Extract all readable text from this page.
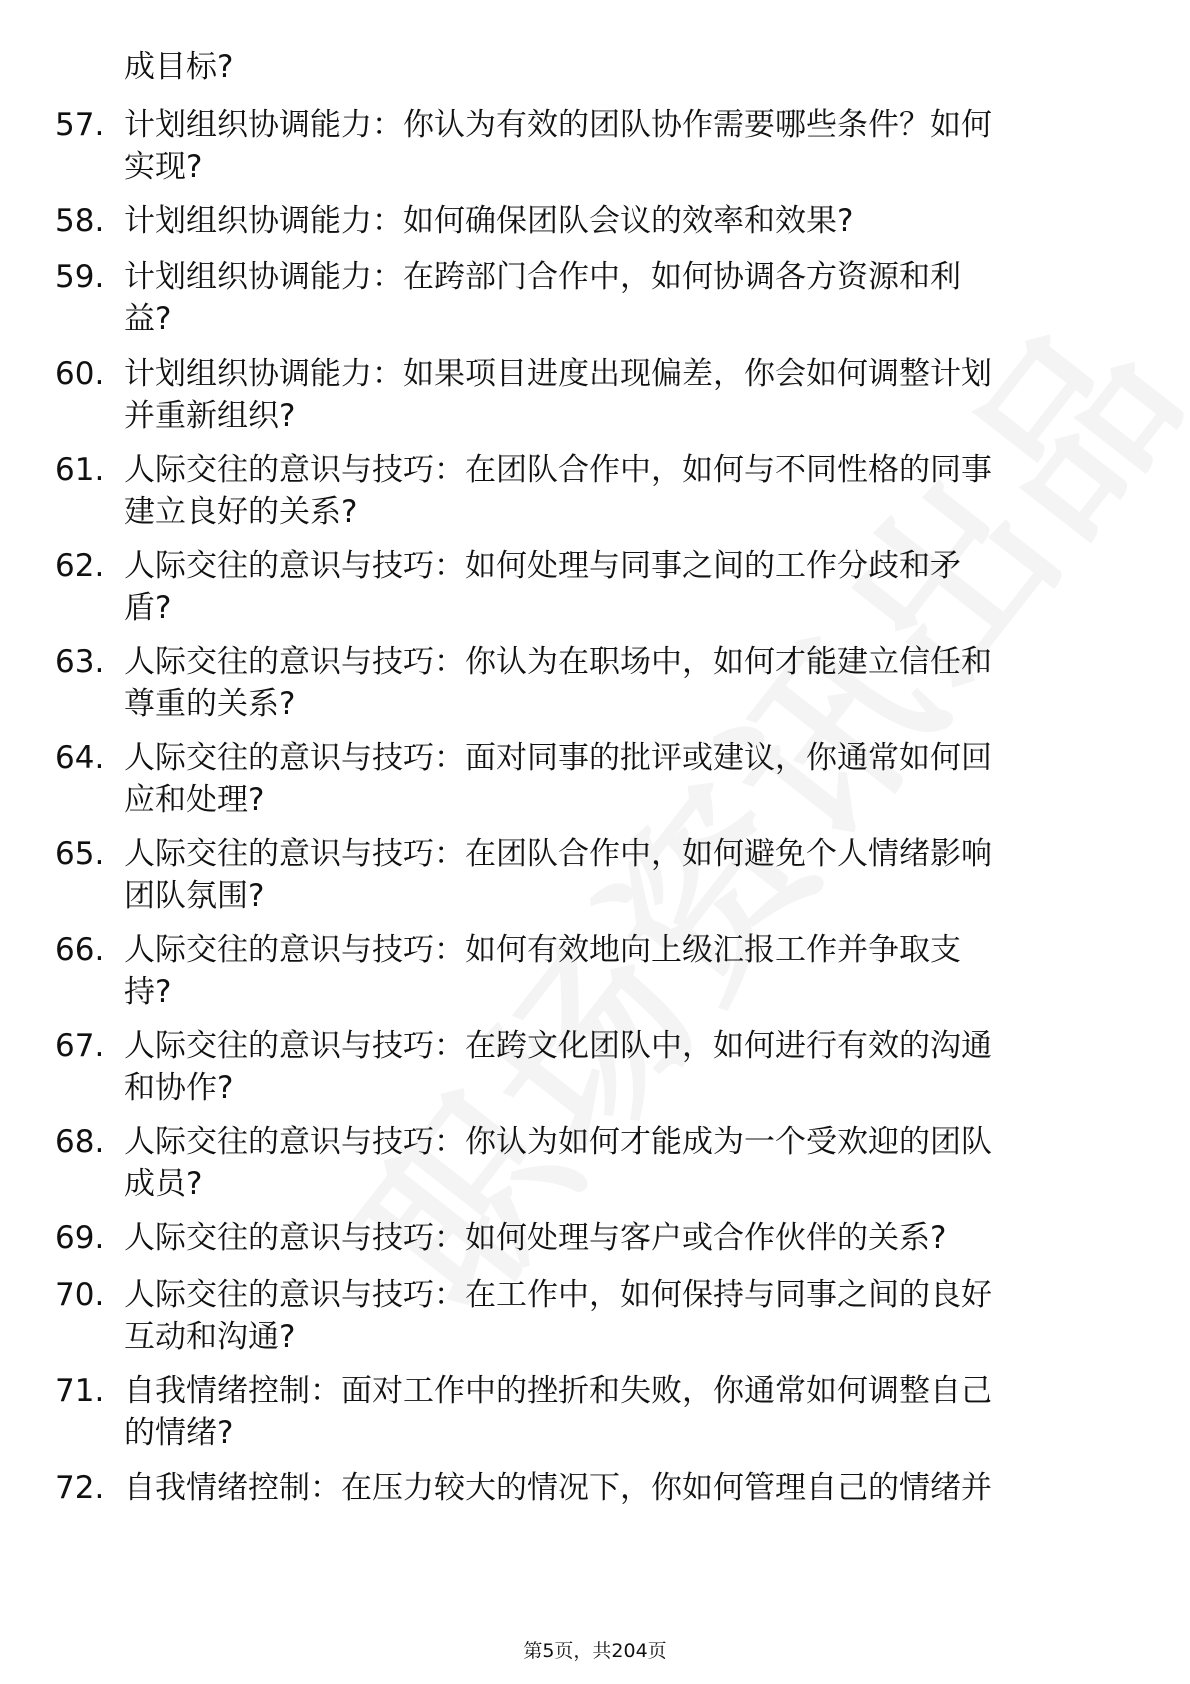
成目标?
57. 计划组织协调能力：你认为有效的团队协作需要哪些条件？如何
实现?
58. 计划组织协调能力：如何确保团队会议的效率和效果?
59. 计划组织协调能力：在跨部门合作中，如何协调各方资源和利
益?
60. 计划组织协调能力：如果项目进度出现偏差，你会如何调整计划
并重新组织?
61. 人际交往的意识与技巧：在团队合作中，如何与不同性格的同事
建立良好的关系?
62. 人际交往的意识与技巧：如何处理与同事之间的工作分歧和矛
盾?
63. 人际交往的意识与技巧：你认为在职场中，如何才能建立信任和
尊重的关系?
64. 人际交往的意识与技巧：面对同事的批评或建议，你通常如何回
应和处理?
65. 人际交往的意识与技巧：在团队合作中，如何避免个人情绪影响
团队氛围?
66. 人际交往的意识与技巧：如何有效地向上级汇报工作并争取支
持?
67. 人际交往的意识与技巧：在跨文化团队中，如何进行有效的沟通
和协作?
68. 人际交往的意识与技巧：你认为如何才能成为一个受欢迎的团队
成员?
69. 人际交往的意识与技巧：如何处理与客户或合作伙伴的关系?
70. 人际交往的意识与技巧：在工作中，如何保持与同事之间的良好
互动和沟通?
71. 自我情绪控制：面对工作中的挫折和失败，你通常如何调整自己
的情绪?
72. 自我情绪控制：在压力较大的情况下，你如何管理自己的情绪并
第5页，共204页
